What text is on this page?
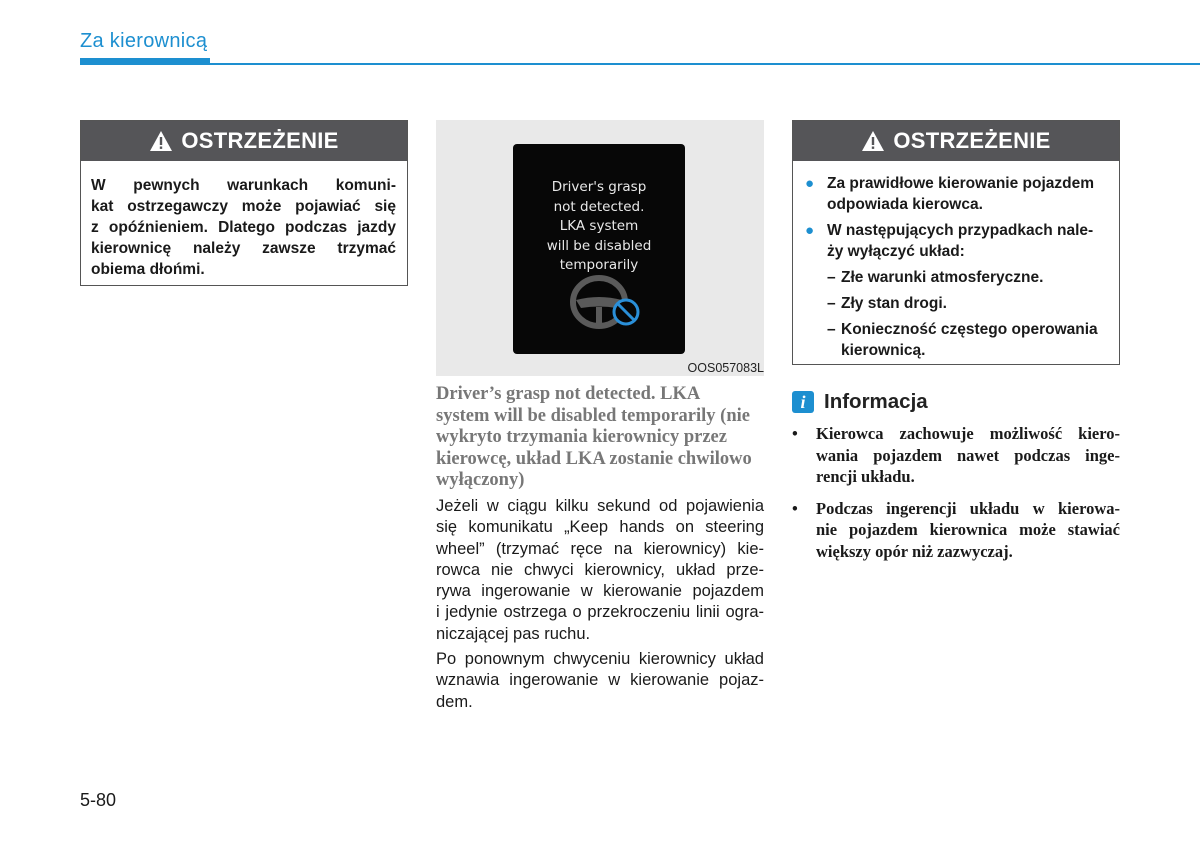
Za kierownicą
OSTRZEŻENIE
W pewnych warunkach komuni-
kat ostrzegawczy może pojawiać się
z opóźnieniem. Dlatego podczas jazdy
kierownicę należy zawsze trzymać
obiema dłońmi.
Driver's grasp
not detected.
LKA system
will be disabled
temporarily
OOS057083L
Driver’s grasp not detected. LKA
system will be disabled temporarily (nie
wykryto trzymania kierownicy przez
kierowcę, układ LKA zostanie chwilowo
wyłączony)
Jeżeli w ciągu kilku sekund od pojawienia
się komunikatu „Keep hands on steering
wheel” (trzymać ręce na kierownicy) kie-
rowca nie chwyci kierownicy, układ prze-
rywa ingerowanie w kierowanie pojazdem
i jedynie ostrzega o przekroczeniu linii ogra-
niczającej pas ruchu.
Po ponownym chwyceniu kierownicy układ
wznawia ingerowanie w kierowanie pojaz-
dem.
OSTRZEŻENIE
● Za prawidłowe kierowanie pojazdem
odpowiada kierowca.
● W następujących przypadkach nale-
ży wyłączyć układ:
– Złe warunki atmosferyczne.
– Zły stan drogi.
– Konieczność częstego operowania
kierownicą.
i Informacja
•	Kierowca zachowuje możliwość kiero-
wania pojazdem nawet podczas inge-
rencji układu.
•	Podczas ingerencji układu w kierowa-
nie pojazdem kierownica może stawiać
większy opór niż zazwyczaj.
5-80
